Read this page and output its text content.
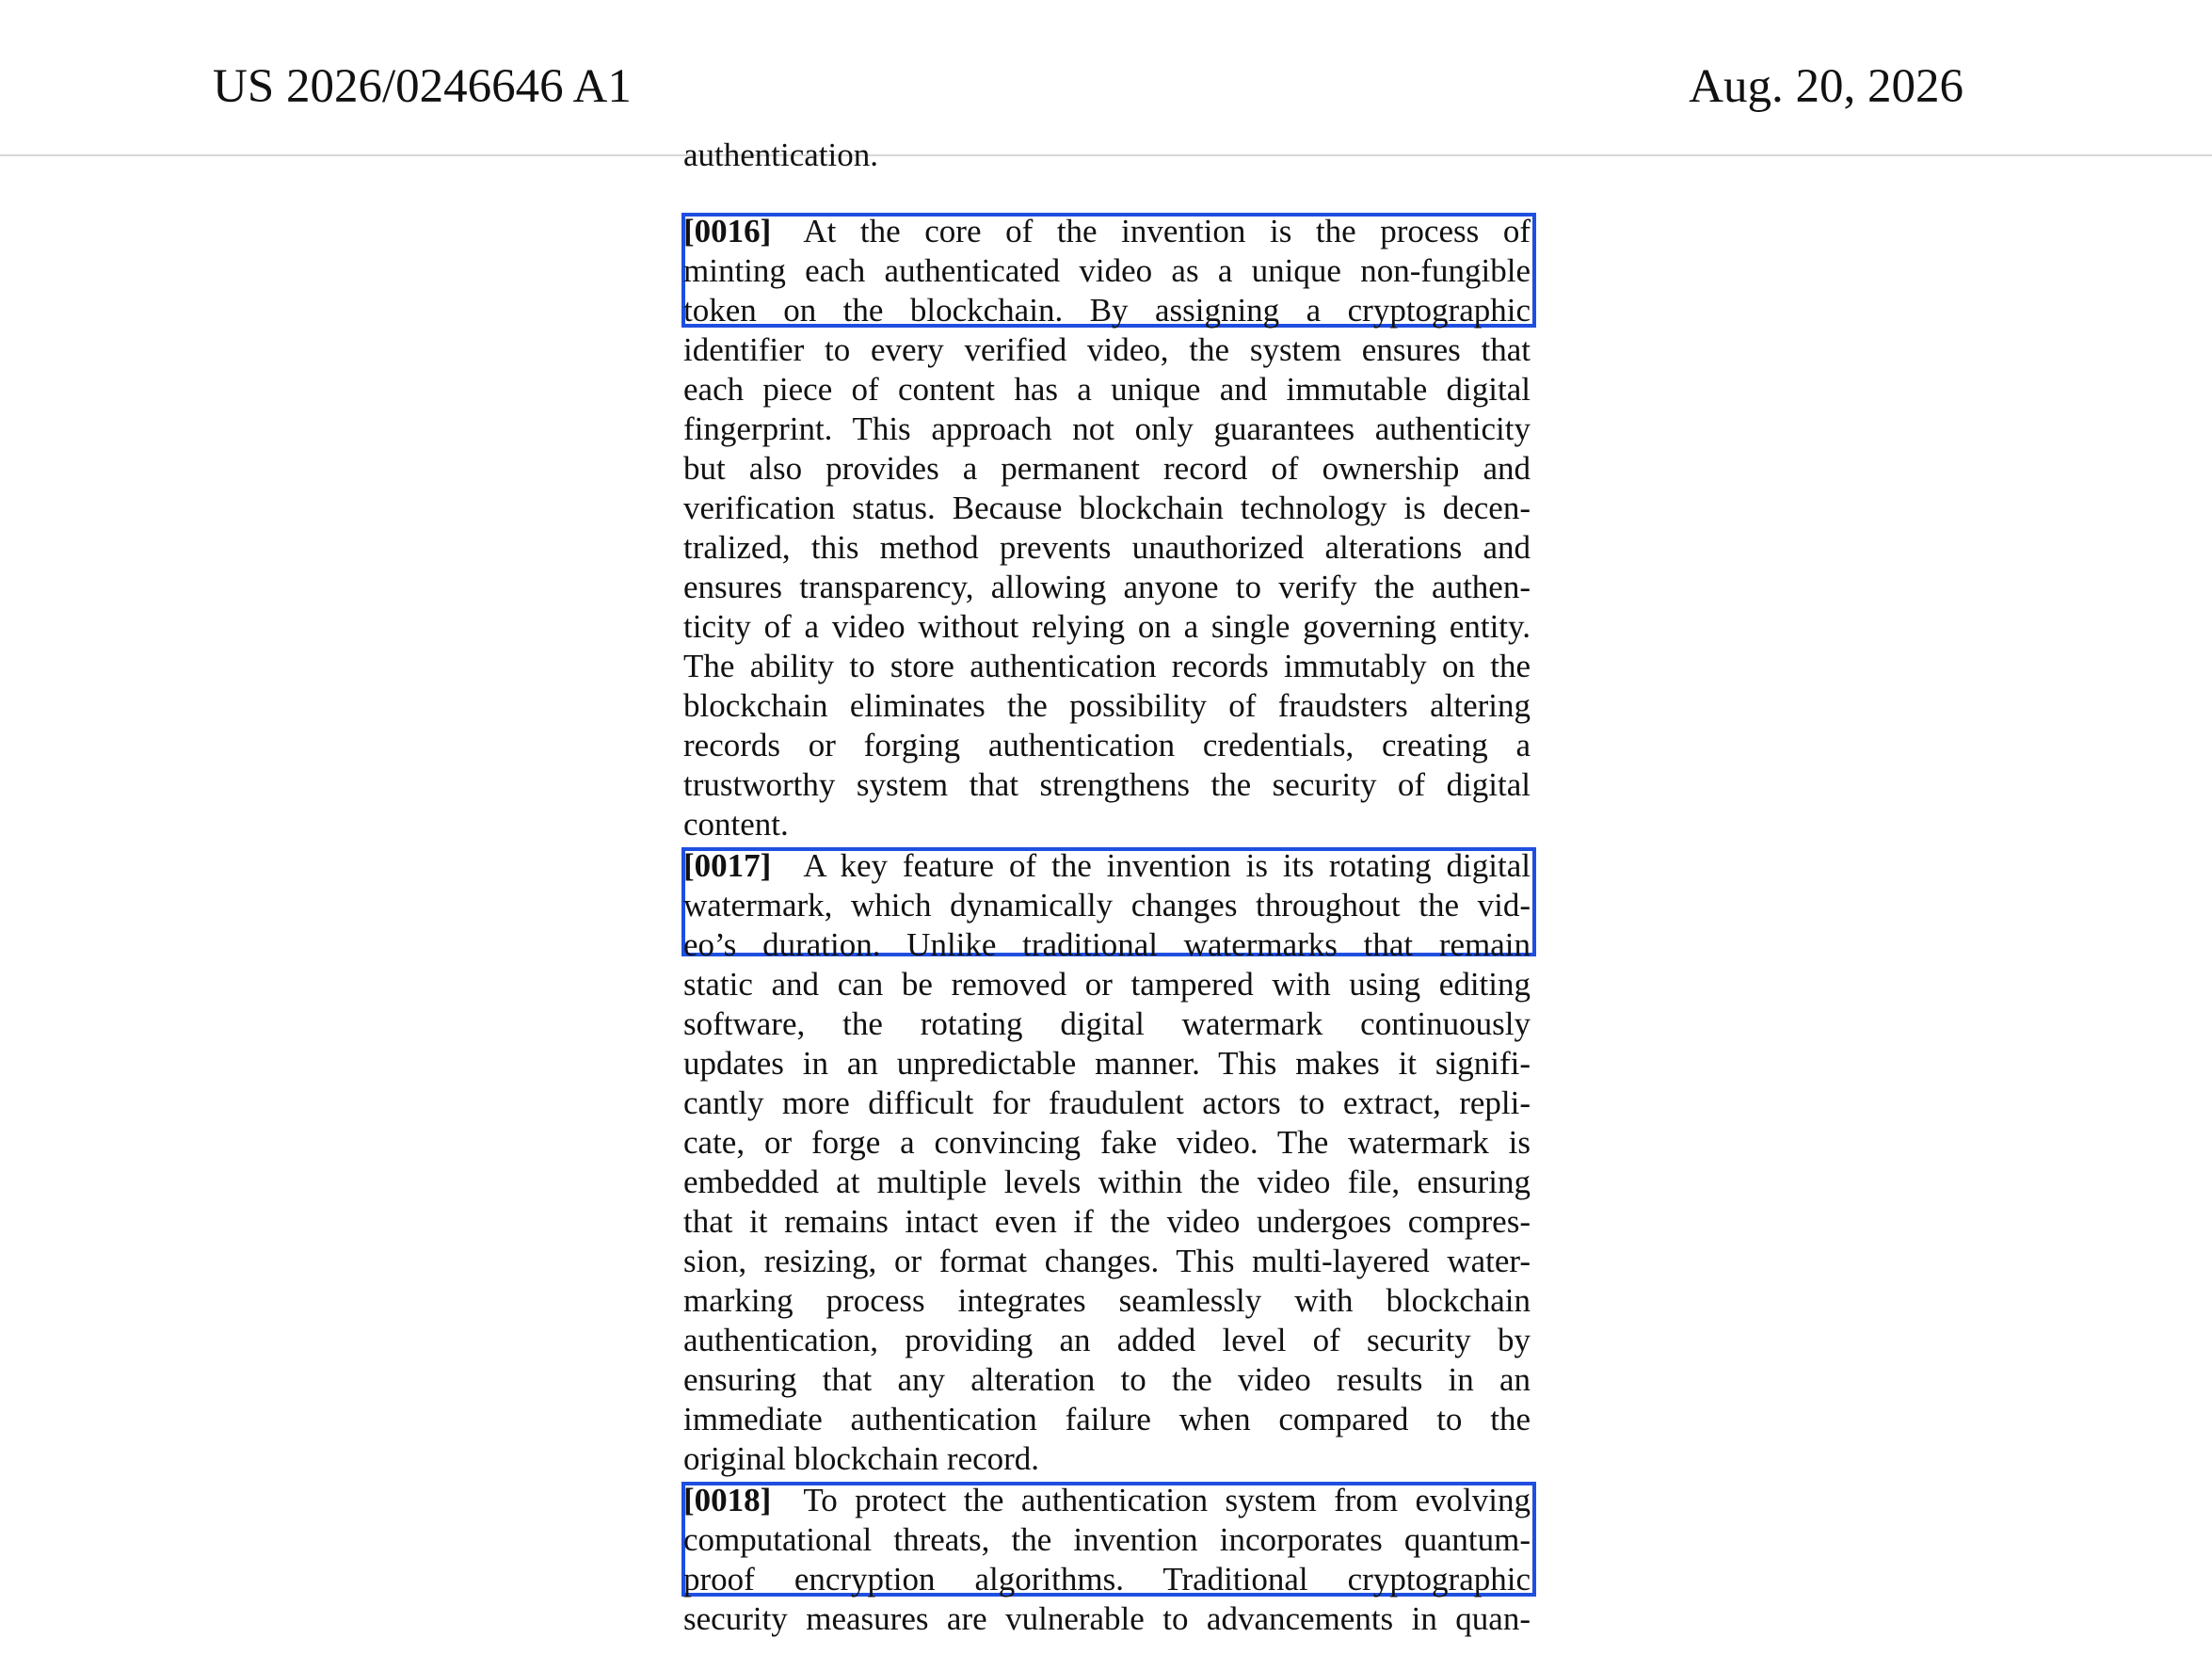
US 2026/0246646 A1	Aug. 20, 2026
authentication.
[0016] At the core of the invention is the process of
minting each authenticated video as a unique non-fungible
token on the blockchain. By assigning a cryptographic
identifier to every verified video, the system ensures that
each piece of content has a unique and immutable digital
fingerprint. This approach not only guarantees authenticity
but also provides a permanent record of ownership and
verification status. Because blockchain technology is decen-
tralized, this method prevents unauthorized alterations and
ensures transparency, allowing anyone to verify the authen-
ticity of a video without relying on a single governing entity.
The ability to store authentication records immutably on the
blockchain eliminates the possibility of fraudsters altering
records or forging authentication credentials, creating a
trustworthy system that strengthens the security of digital
content.
[0017] A key feature of the invention is its rotating digital
watermark, which dynamically changes throughout the vid-
eo’s duration. Unlike traditional watermarks that remain
static and can be removed or tampered with using editing
software, the rotating digital watermark continuously
updates in an unpredictable manner. This makes it signifi-
cantly more difficult for fraudulent actors to extract, repli-
cate, or forge a convincing fake video. The watermark is
embedded at multiple levels within the video file, ensuring
that it remains intact even if the video undergoes compres-
sion, resizing, or format changes. This multi-layered water-
marking process integrates seamlessly with blockchain
authentication, providing an added level of security by
ensuring that any alteration to the video results in an
immediate authentication failure when compared to the
original blockchain record.
[0018] To protect the authentication system from evolving
computational threats, the invention incorporates quantum-
proof encryption algorithms. Traditional cryptographic
security measures are vulnerable to advancements in quan-
